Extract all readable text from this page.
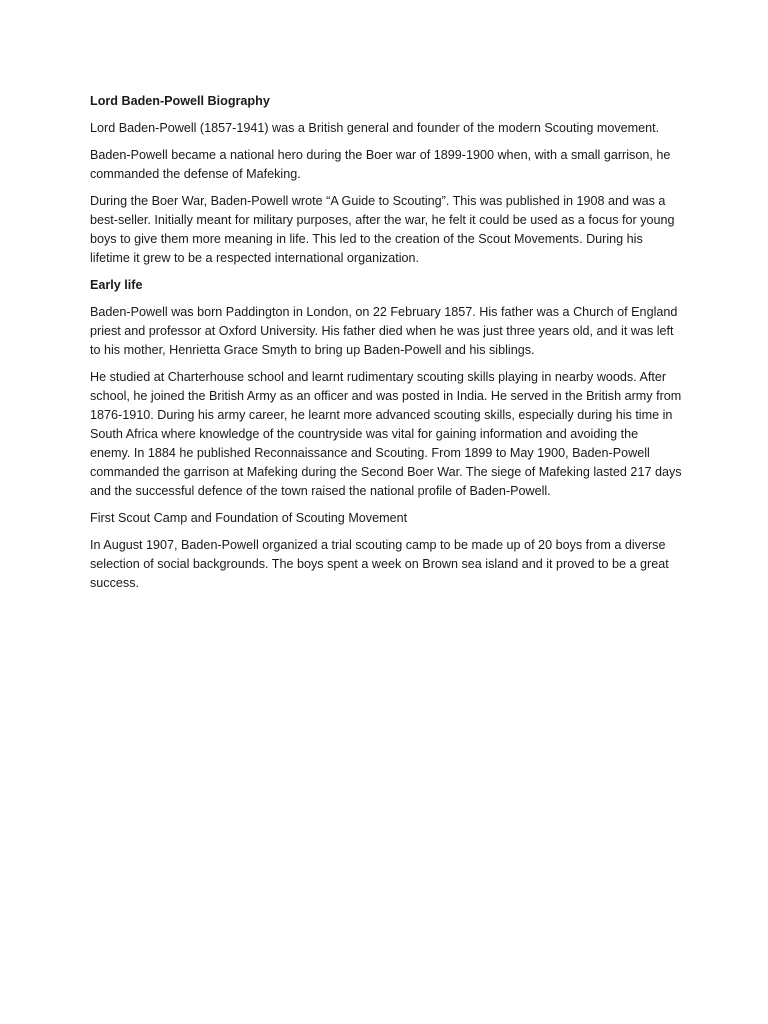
Lord Baden-Powell Biography

Lord Baden-Powell (1857-1941) was a British general and founder of the modern Scouting movement.

Baden-Powell became a national hero during the Boer war of 1899-1900 when, with a small garrison, he commanded the defense of Mafeking.

During the Boer War, Baden-Powell wrote “A Guide to Scouting”. This was published in 1908 and was a best-seller. Initially meant for military purposes, after the war, he felt it could be used as a focus for young boys to give them more meaning in life. This led to the creation of the Scout Movements. During his lifetime it grew to be a respected international organization.

Early life

Baden-Powell was born Paddington in London, on 22 February 1857. His father was a Church of England priest and professor at Oxford University. His father died when he was just three years old, and it was left to his mother, Henrietta Grace Smyth to bring up Baden-Powell and his siblings.

He studied at Charterhouse school and learnt rudimentary scouting skills playing in nearby woods. After school, he joined the British Army as an officer and was posted in India. He served in the British army from 1876-1910. During his army career, he learnt more advanced scouting skills, especially during his time in South Africa where knowledge of the countryside was vital for gaining information and avoiding the enemy. In 1884 he published Reconnaissance and Scouting. From 1899 to May 1900, Baden-Powell commanded the garrison at Mafeking during the Second Boer War. The siege of Mafeking lasted 217 days and the successful defence of the town raised the national profile of Baden-Powell.

First Scout Camp and Foundation of Scouting Movement

In August 1907, Baden-Powell organized a trial scouting camp to be made up of 20 boys from a diverse selection of social backgrounds. The boys spent a week on Brown sea island and it proved to be a great success.
